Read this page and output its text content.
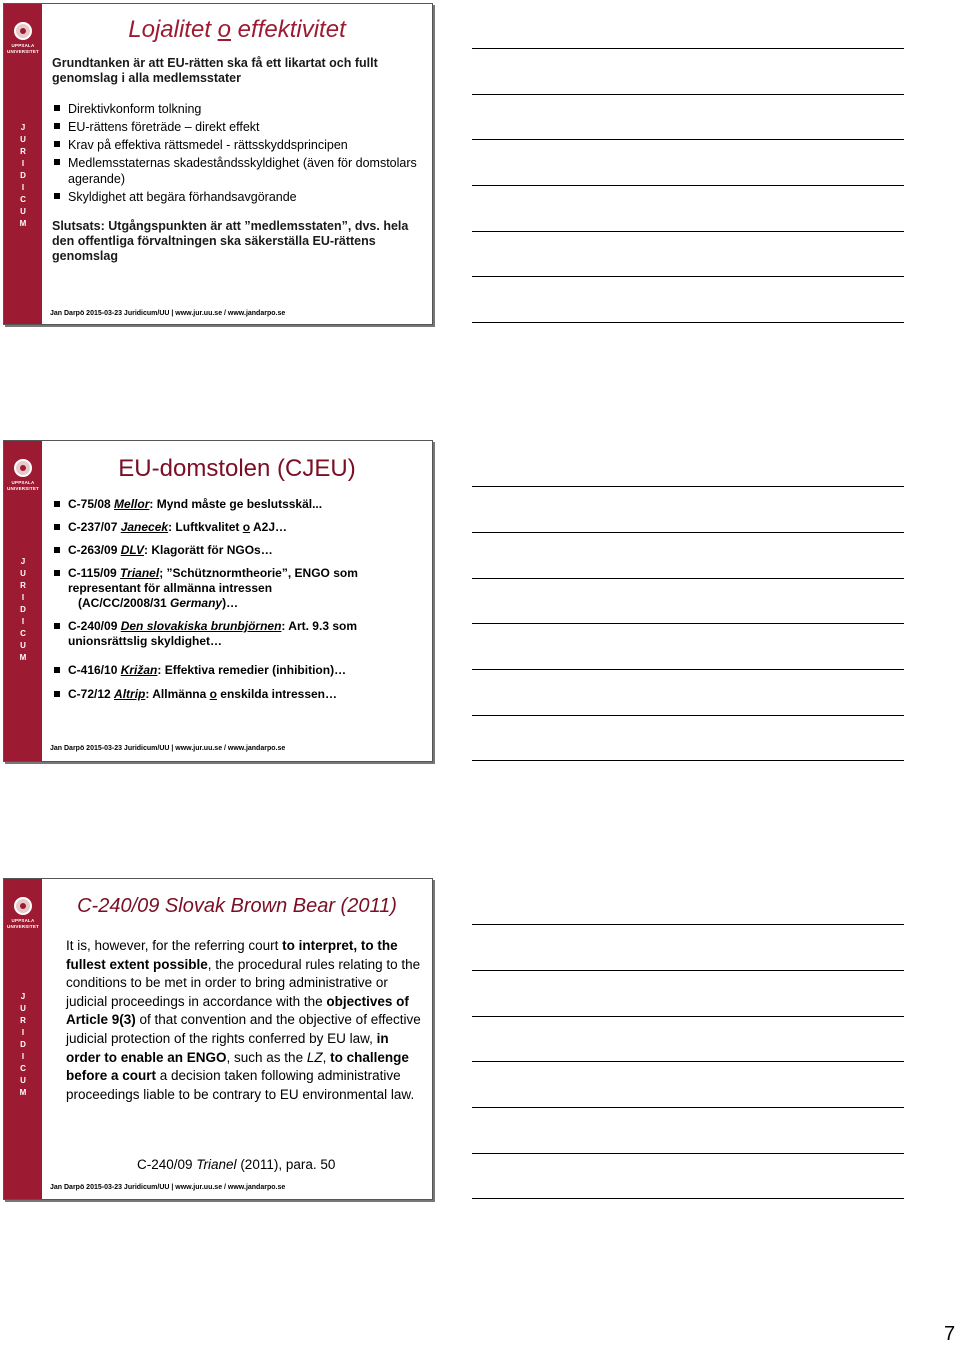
UPPSALA UNIVERSITET
J
U
R
I
D
I
C
U
M
Lojalitet o effektivitet

Grundtanken är att EU-rätten ska få ett likartat och fullt genomslag i alla medlemsstater

Direktivkonform tolkning
EU-rättens företräde – direkt effekt
Krav på effektiva rättsmedel - rättsskyddsprincipen
Medlemsstaternas skadeståndsskyldighet (även för domstolars agerande)
Skyldighet att begära förhandsavgörande

Slutsats: Utgångspunkten är att ”medlemsstaten”, dvs. hela den offentliga förvaltningen ska säkerställa EU-rättens genomslag

Jan Darpö 2015-03-23 Juridicum/UU | www.jur.uu.se / www.jandarpo.se
UPPSALA UNIVERSITET
J
U
R
I
D
I
C
U
M
EU-domstolen (CJEU)
C-75/08 Mellor: Mynd måste ge beslutsskäl...
C-237/07 Janecek: Luftkvalitet o A2J…
C-263/09 DLV: Klagorätt för NGOs…
C-115/09 Trianel; ”Schütznormtheorie”, ENGO som representant för allmänna intressen
(AC/CC/2008/31 Germany)…
C-240/09 Den slovakiska brunbjörnen: Art. 9.3 som unionsrättslig skyldighet…
C-416/10 Križan: Effektiva remedier (inhibition)…
C-72/12 Altrip: Allmänna o enskilda intressen…
Jan Darpö 2015-03-23 Juridicum/UU | www.jur.uu.se / www.jandarpo.se
UPPSALA UNIVERSITET
J
U
R
I
D
I
C
U
M
C-240/09 Slovak Brown Bear (2011)
It is, however, for the referring court to interpret, to the fullest extent possible, the procedural rules relating to the conditions to be met in order to bring administrative or judicial proceedings in accordance with the objectives of Article 9(3) of that convention and the objective of effective judicial protection of the rights conferred by EU law, in order to enable an ENGO, such as the LZ, to challenge before a court a decision taken following administrative proceedings liable to be contrary to EU environmental law.
C-240/09 Trianel (2011), para. 50
Jan Darpö 2015-03-23 Juridicum/UU | www.jur.uu.se / www.jandarpo.se
7
